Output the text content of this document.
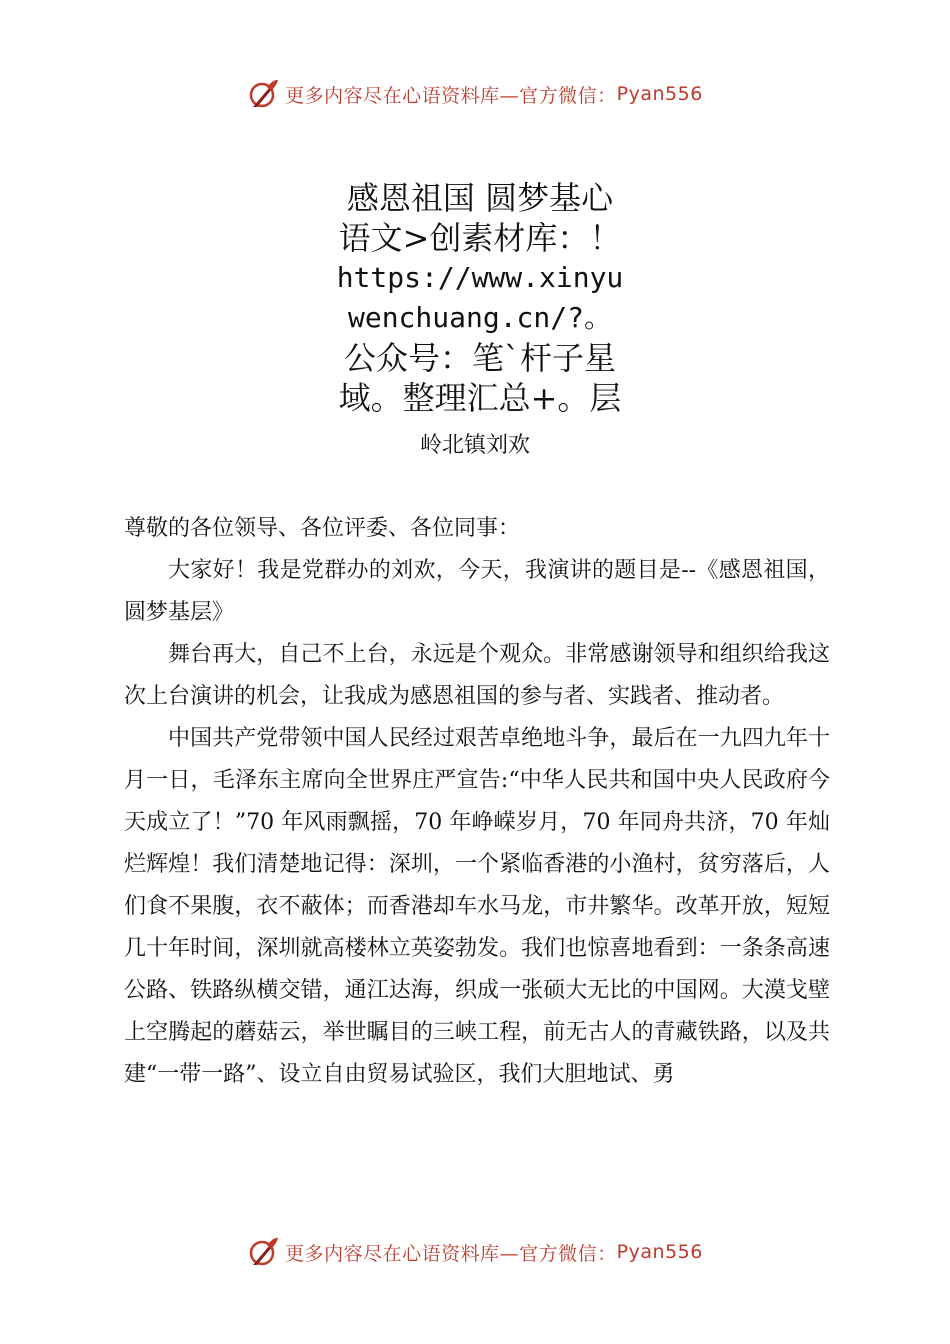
更多内容尽在心语资料库—官方微信： Pyan556
感恩祖国 圆梦基心
语文>创素材库：！
https://www.xinyu
wenchuang.cn/?。
公众号：笔`杆子星
域。整理汇总+。层
岭北镇刘欢

尊敬的各位领导、各位评委、各位同事：

大家好！我是党群办的刘欢，今天，我演讲的题目是--《感恩祖国，圆梦基层》

舞台再大，自己不上台，永远是个观众。非常感谢领导和组织给我这次上台演讲的机会，让我成为感恩祖国的参与者、实践者、推动者。

中国共产党带领中国人民经过艰苦卓绝地斗争，最后在一九四九年十月一日，毛泽东主席向全世界庄严宣告:“中华人民共和国中央人民政府今天成立了！”70 年风雨飘摇，70 年峥嵘岁月，70 年同舟共济，70 年灿烂辉煌！我们清楚地记得：深圳，一个紧临香港的小渔村，贫穷落后，人们食不果腹，衣不蔽体；而香港却车水马龙，市井繁华。改革开放，短短几十年时间，深圳就高楼林立英姿勃发。我们也惊喜地看到：一条条高速公路、铁路纵横交错，通江达海，织成一张硕大无比的中国网。大漠戈壁上空腾起的蘑菇云，举世瞩目的三峡工程，前无古人的青藏铁路，以及共建“一带一路”、设立自由贸易试验区，我们大胆地试、勇

更多内容尽在心语资料库—官方微信： Pyan556
